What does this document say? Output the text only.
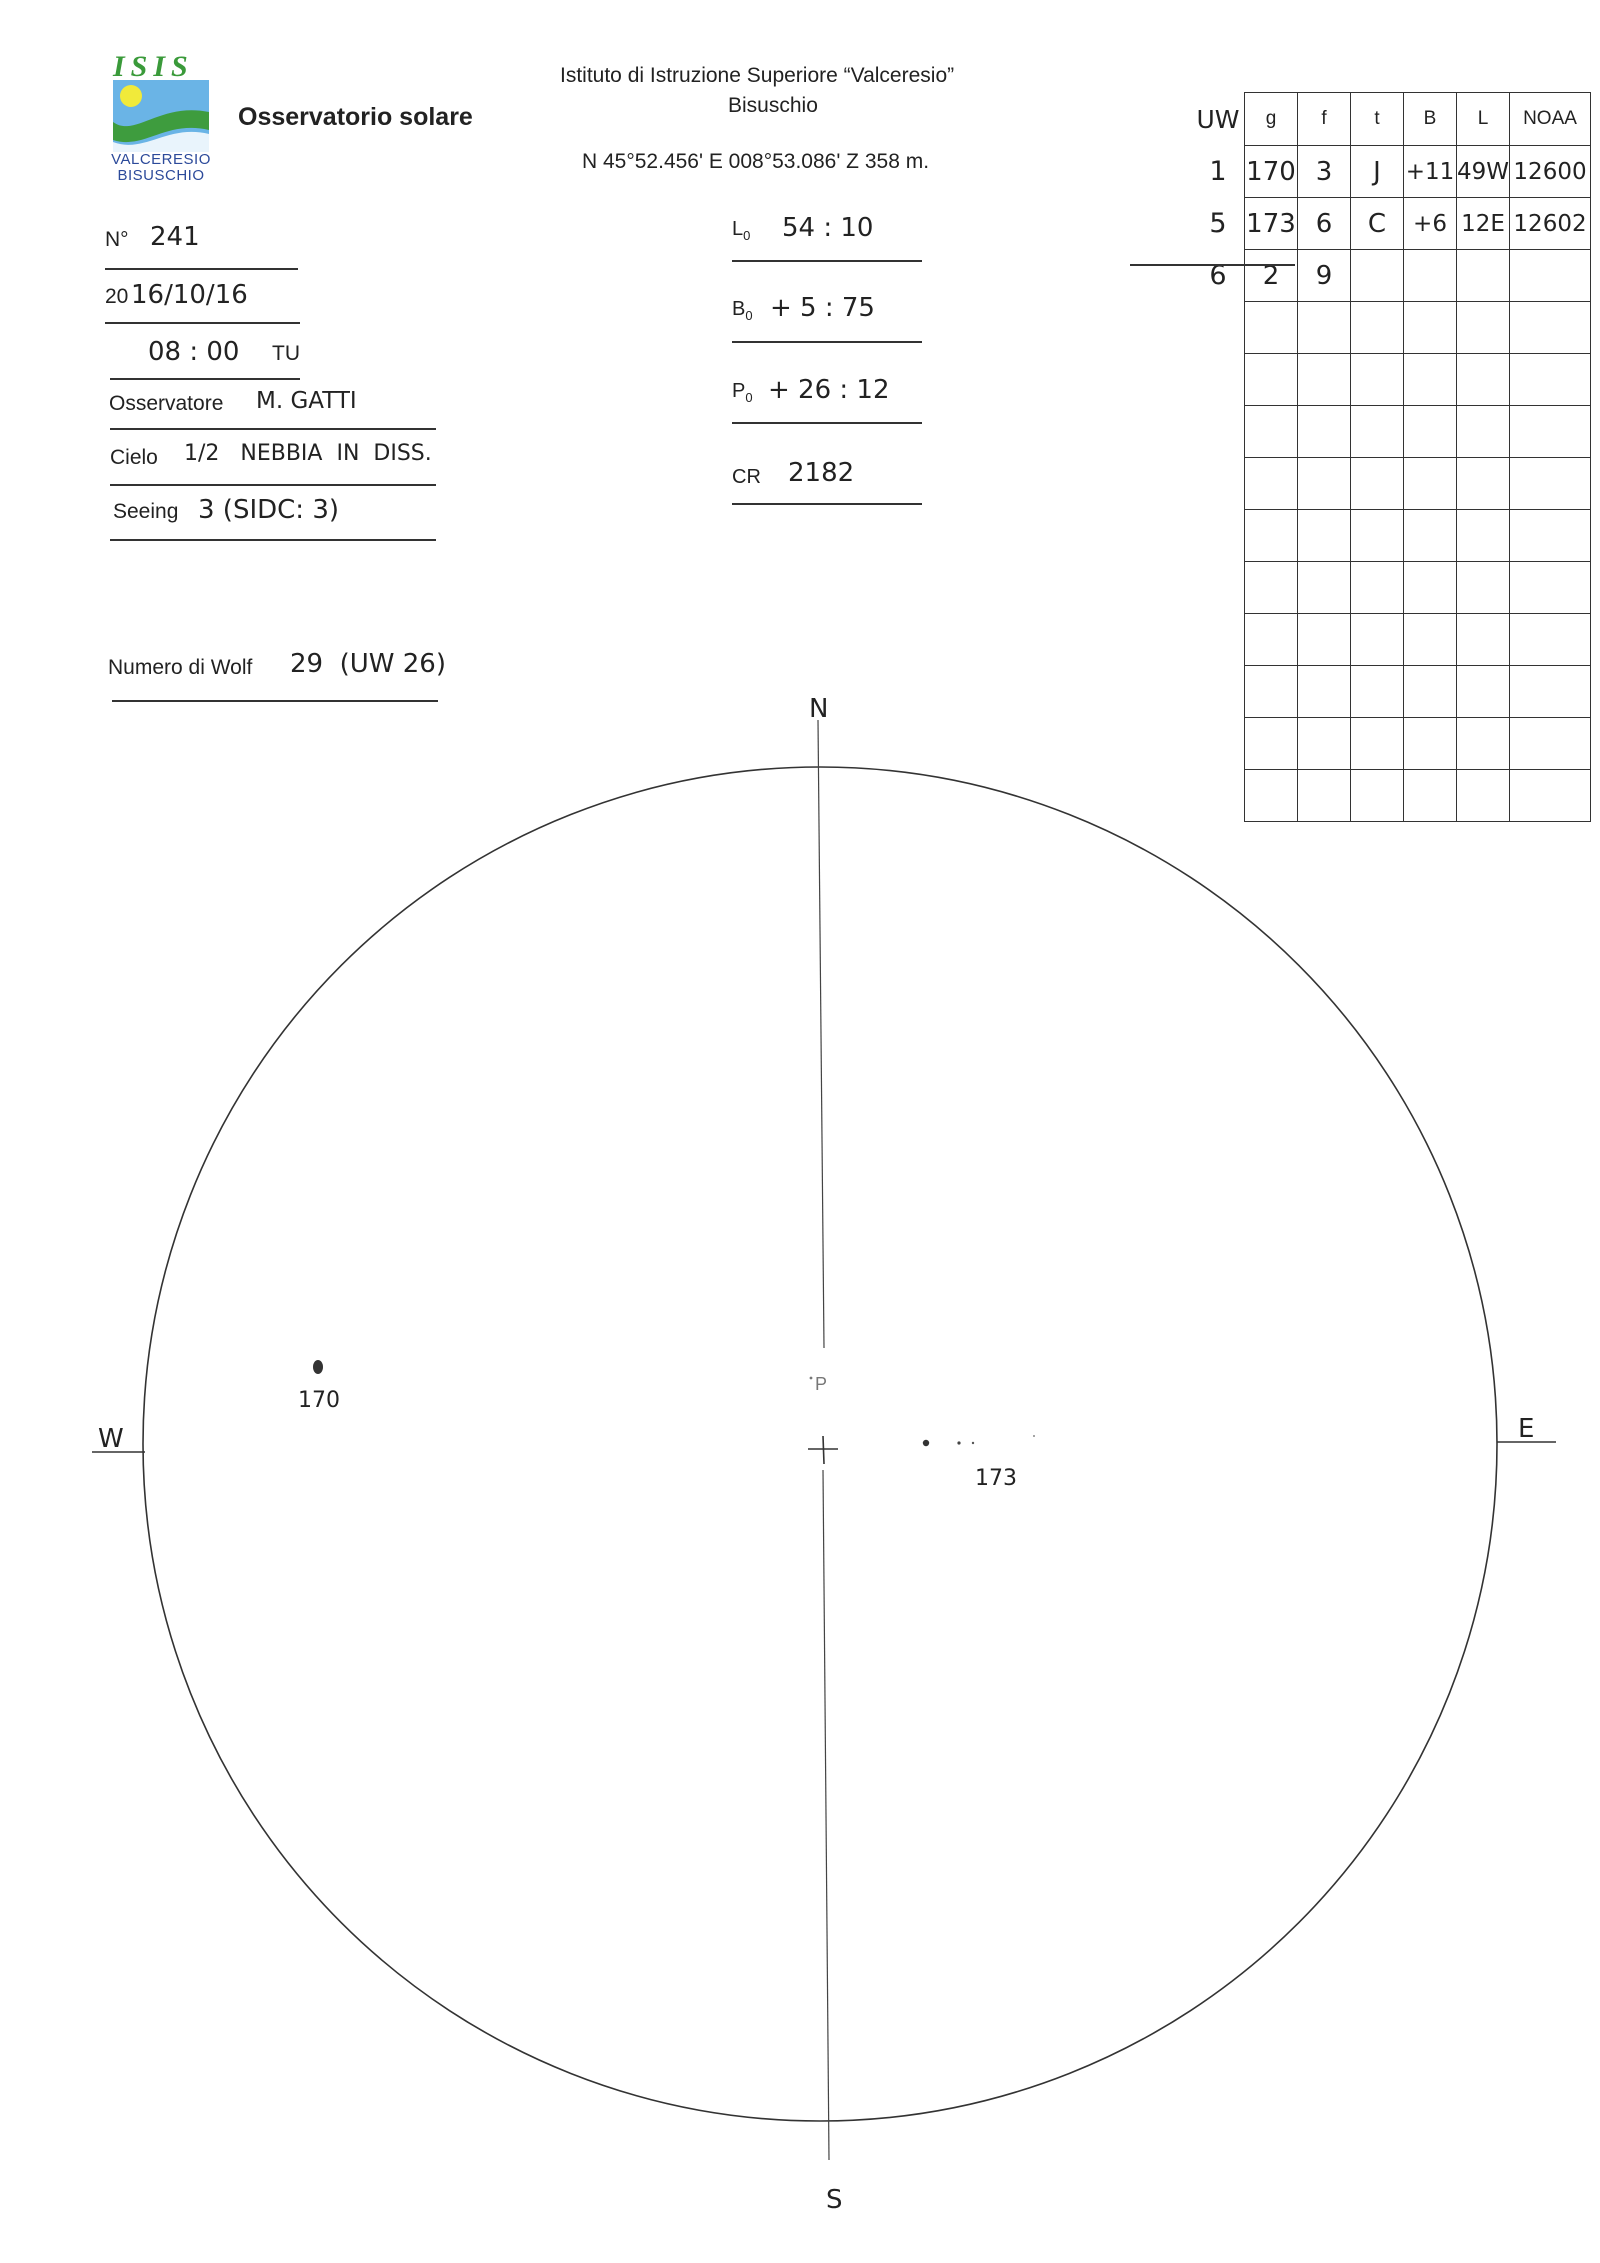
ISIS
VALCERESIO
BISUSCHIO
Osservatorio solare
Istituto di Istruzione Superiore “Valceresio”
Bisuschio
N 45°52.456' E 008°53.086' Z 358 m.
N° 241
20 16/10/16
08 : 00 TU
Osservatore M. GATTI
Cielo 1/2   NEBBIA  IN  DISS.
Seeing 3 (SIDC: 3)
Numero di Wolf 29  (UW 26)
$L_0$ 54 : 10
$B_0 + 5$ : 75
$P_0 + 26$ : 12
CR 2182
UW	g	f	t	B	L	NOAA
1	170	3	J	+11	49W	12600
5	173	6	C	+6	12E	12602
6	2	9				

N
S
W	E
P
170
173
